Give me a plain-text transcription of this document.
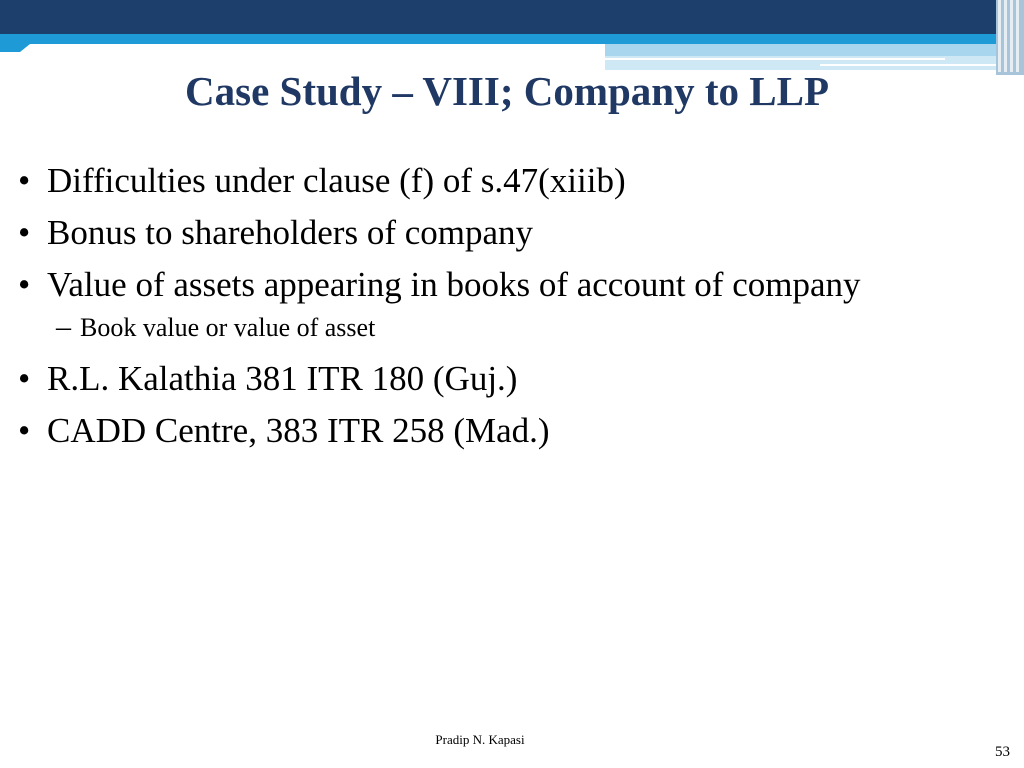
Case Study – VIII; Company to LLP
• Difficulties under clause (f) of s.47(xiiib)
• Bonus to shareholders of company
• Value of assets appearing in books of account of company
– Book value or value of asset
• R.L. Kalathia 381 ITR 180 (Guj.)
• CADD Centre, 383 ITR 258 (Mad.)
Pradip N. Kapasi
53
